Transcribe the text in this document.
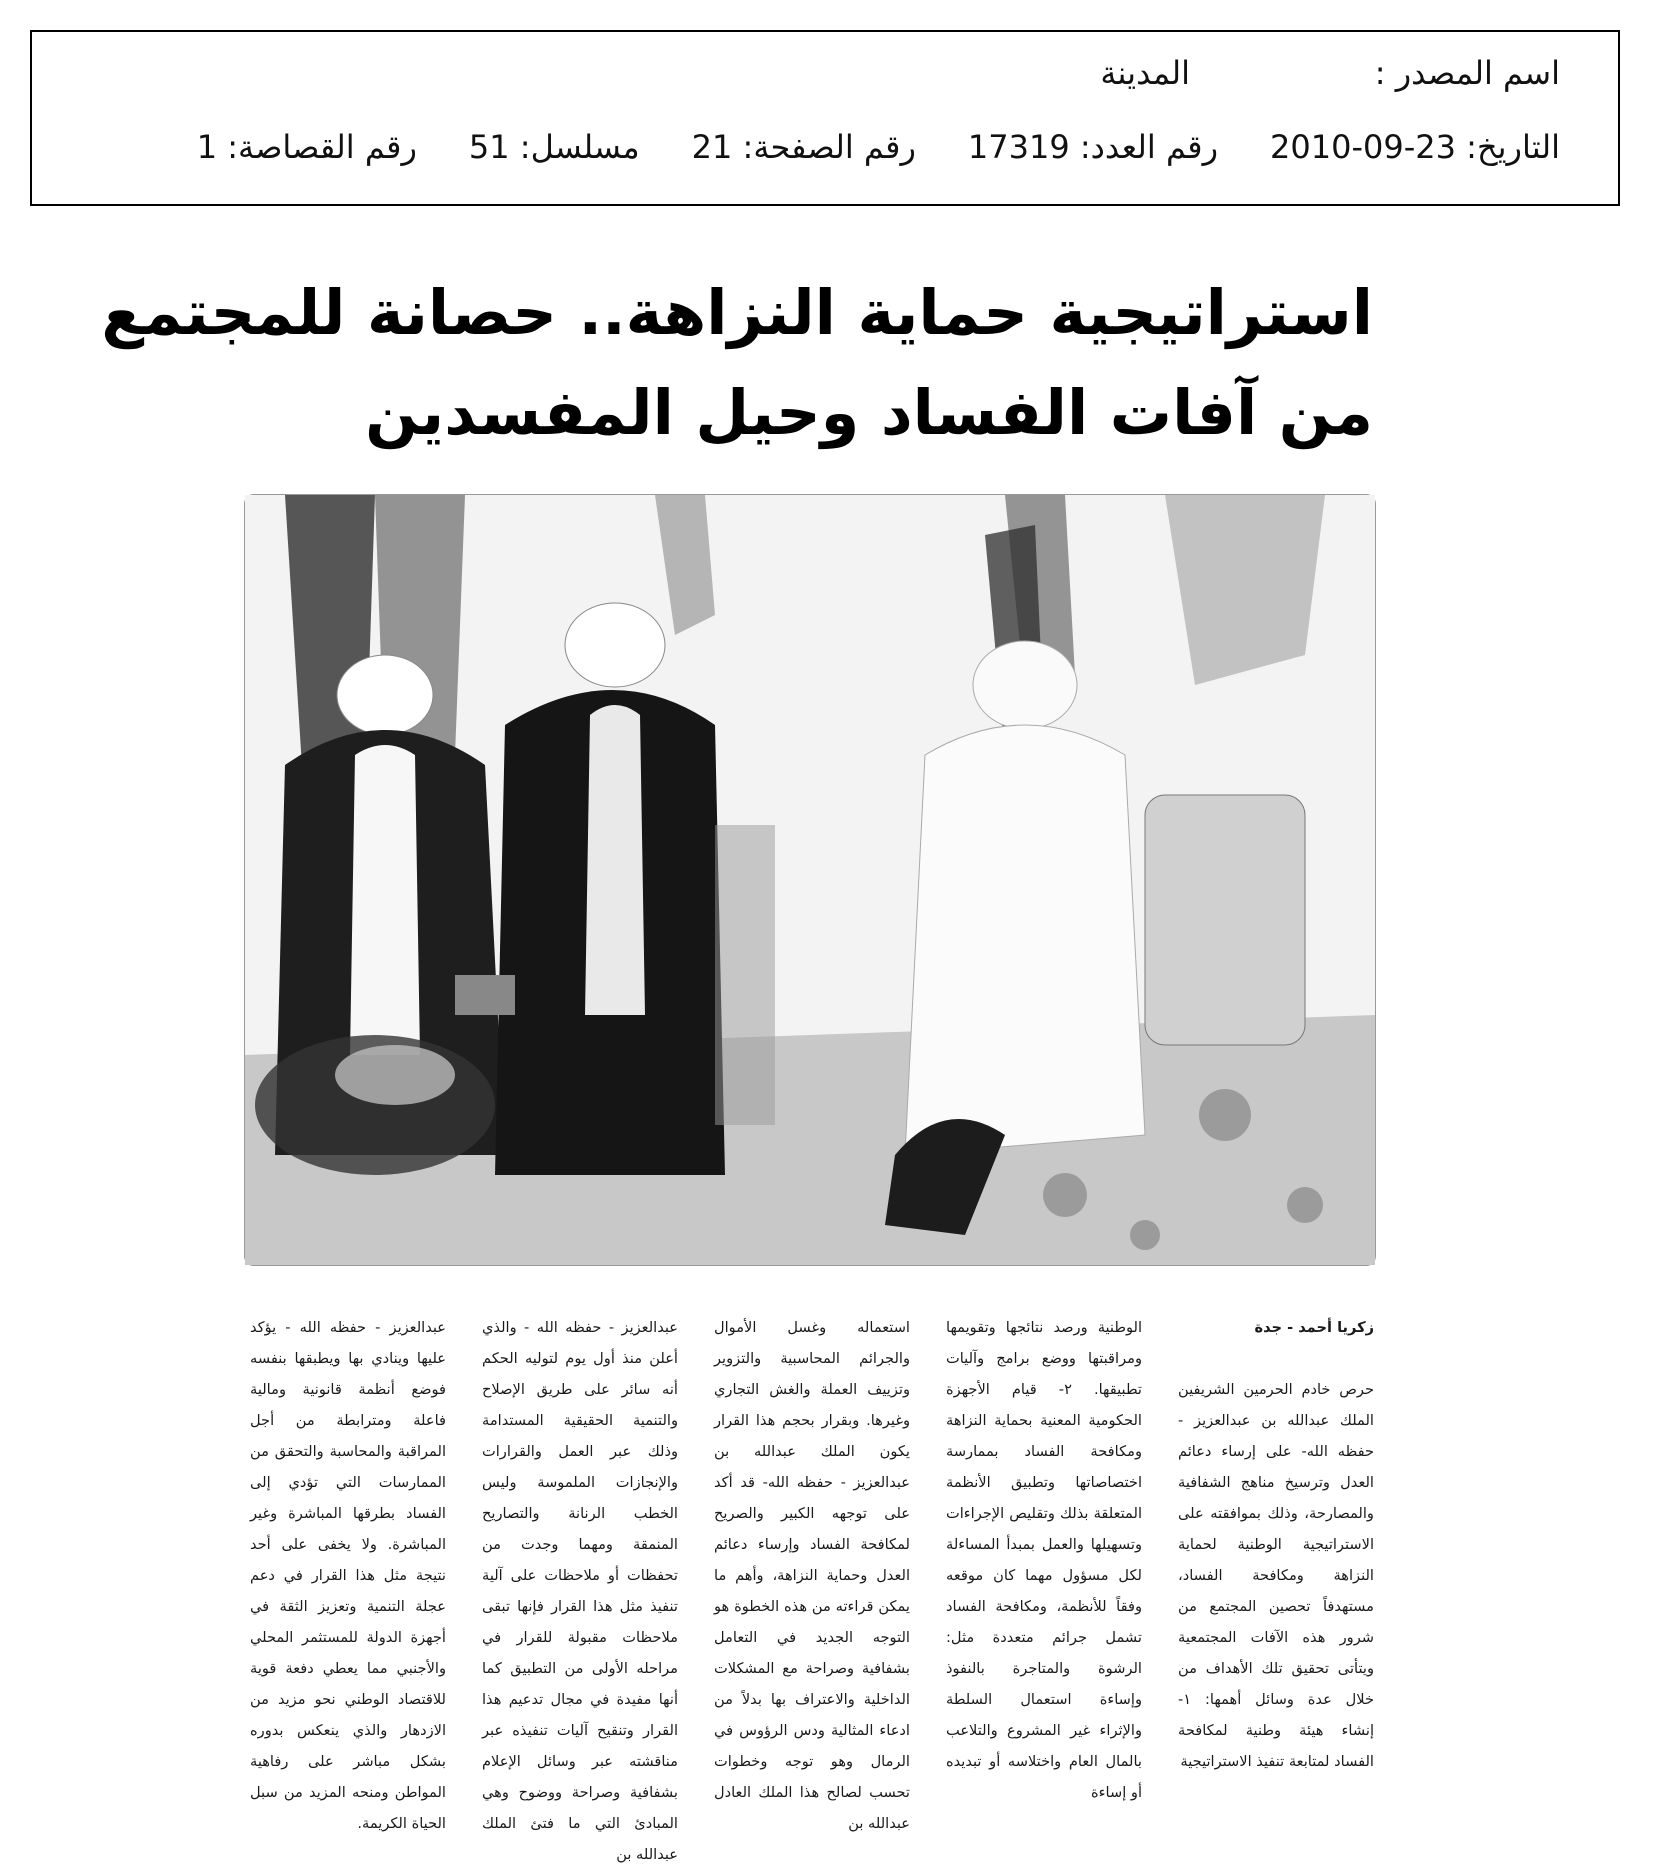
اسم المصدر :
المدينة
التاريخ: 23-09-2010رقم العدد: 17319رقم الصفحة: 21مسلسل: 51رقم القصاصة: 1
استراتيجية حماية النزاهة.. حصانة للمجتمع
من آفات الفساد وحيل المفسدين

زكريا أحمد - جدة

حرص خادم الحرمين الشريفين الملك عبدالله بن عبدالعزيز - حفظه الله- على إرساء دعائم العدل وترسيخ مناهج الشفافية والمصارحة، وذلك بموافقته على الاستراتيجية الوطنية لحماية النزاهة ومكافحة الفساد، مستهدفاً تحصين المجتمع من شرور هذه الآفات المجتمعية ويتأتى تحقيق تلك الأهداف من خلال عدة وسائل أهمها: ١- إنشاء هيئة وطنية لمكافحة الفساد لمتابعة تنفيذ الاستراتيجية

الوطنية ورصد نتائجها وتقويمها ومراقبتها ووضع برامج وآليات تطبيقها. ٢- قيام الأجهزة الحكومية المعنية بحماية النزاهة ومكافحة الفساد بممارسة اختصاصاتها وتطبيق الأنظمة المتعلقة بذلك وتقليص الإجراءات وتسهيلها والعمل بمبدأ المساءلة لكل مسؤول مهما كان موقعه وفقاً للأنظمة، ومكافحة الفساد تشمل جرائم متعددة مثل: الرشوة والمتاجرة بالنفوذ وإساءة استعمال السلطة والإثراء غير المشروع والتلاعب بالمال العام واختلاسه أو تبديده أو إساءة

استعماله وغسل الأموال والجرائم المحاسبية والتزوير وتزييف العملة والغش التجاري وغيرها. وبقرار بحجم هذا القرار يكون الملك عبدالله بن عبدالعزيز - حفظه الله- قد أكد على توجهه الكبير والصريح لمكافحة الفساد وإرساء دعائم العدل وحماية النزاهة، وأهم ما يمكن قراءته من هذه الخطوة هو التوجه الجديد في التعامل بشفافية وصراحة مع المشكلات الداخلية والاعتراف بها بدلاً من ادعاء المثالية ودس الرؤوس في الرمال وهو توجه وخطوات تحسب لصالح هذا الملك العادل عبدالله بن

عبدالعزيز - حفظه الله - والذي أعلن منذ أول يوم لتوليه الحكم أنه سائر على طريق الإصلاح والتنمية الحقيقية المستدامة وذلك عبر العمل والقرارات والإنجازات الملموسة وليس الخطب الرنانة والتصاريح المنمقة ومهما وجدت من تحفظات أو ملاحظات على آلية تنفيذ مثل هذا القرار فإنها تبقى ملاحظات مقبولة للقرار في مراحله الأولى من التطبيق كما أنها مفيدة في مجال تدعيم هذا القرار وتنقيح آليات تنفيذه عبر مناقشته عبر وسائل الإعلام بشفافية وصراحة ووضوح وهي المبادئ التي ما فتئ الملك عبدالله بن

عبدالعزيز - حفظه الله - يؤكد عليها وينادي بها ويطبقها بنفسه فوضع أنظمة قانونية ومالية فاعلة ومترابطة من أجل المراقبة والمحاسبة والتحقق من الممارسات التي تؤدي إلى الفساد بطرقها المباشرة وغير المباشرة. ولا يخفى على أحد نتيجة مثل هذا القرار في دعم عجلة التنمية وتعزيز الثقة في أجهزة الدولة للمستثمر المحلي والأجنبي مما يعطي دفعة قوية للاقتصاد الوطني نحو مزيد من الازدهار والذي ينعكس بدوره بشكل مباشر على رفاهية المواطن ومنحه المزيد من سبل الحياة الكريمة.
